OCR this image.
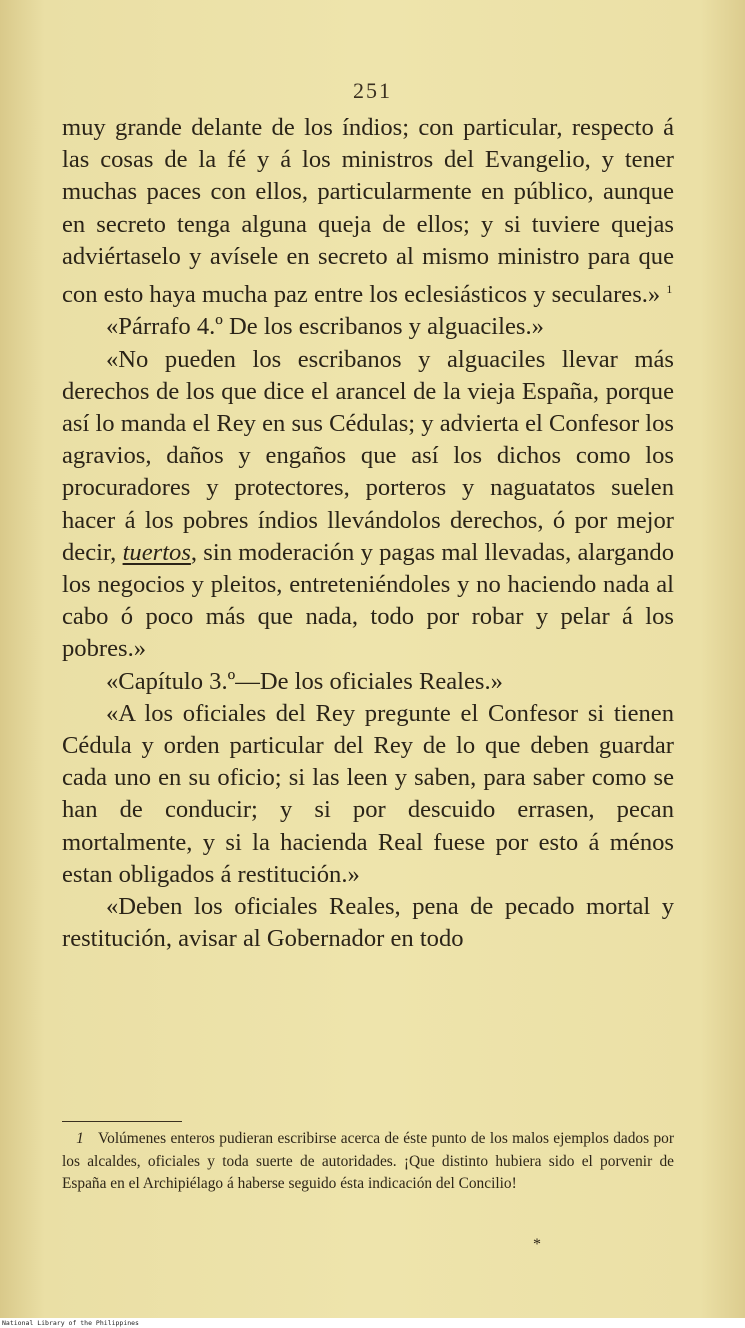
251

muy grande delante de los índios; con particular, respecto á las cosas de la fé y á los ministros del Evangelio, y tener muchas paces con ellos, particularmente en público, aunque en secreto tenga alguna queja de ellos; y si tuviere quejas adviértaselo y avísele en secreto al mismo ministro para que con esto haya mucha paz entre los eclesiásticos y seculares.» $^1$

«Párrafo 4.º De los escribanos y alguaciles.»

«No pueden los escribanos y alguaciles llevar más derechos de los que dice el arancel de la vieja España, porque así lo manda el Rey en sus Cédulas; y advierta el Confesor los agravios, daños y engaños que así los dichos como los procuradores y protectores, porteros y naguatatos suelen hacer á los pobres índios llevándolos derechos, ó por mejor decir, tuertos, sin moderación y pagas mal llevadas, alargando los negocios y pleitos, entreteniéndoles y no haciendo nada al cabo ó poco más que nada, todo por robar y pelar á los pobres.»

«Capítulo 3.º—De los oficiales Reales.»

«A los oficiales del Rey pregunte el Confesor si tienen Cédula y orden particular del Rey de lo que deben guardar cada uno en su oficio; si las leen y saben, para saber como se han de conducir; y si por descuido errasen, pecan mortalmente, y si la hacienda Real fuese por esto á ménos estan obligados á restitución.»

«Deben los oficiales Reales, pena de pecado mortal y restitución, avisar al Gobernador en todo

1 Volúmenes enteros pudieran escribirse acerca de éste punto de los malos ejemplos dados por los alcaldes, oficiales y toda suerte de autoridades. ¡Que distinto hubiera sido el porvenir de España en el Archipiélago á haberse seguido ésta indicación del Concilio!
*
National Library of the Philippines
